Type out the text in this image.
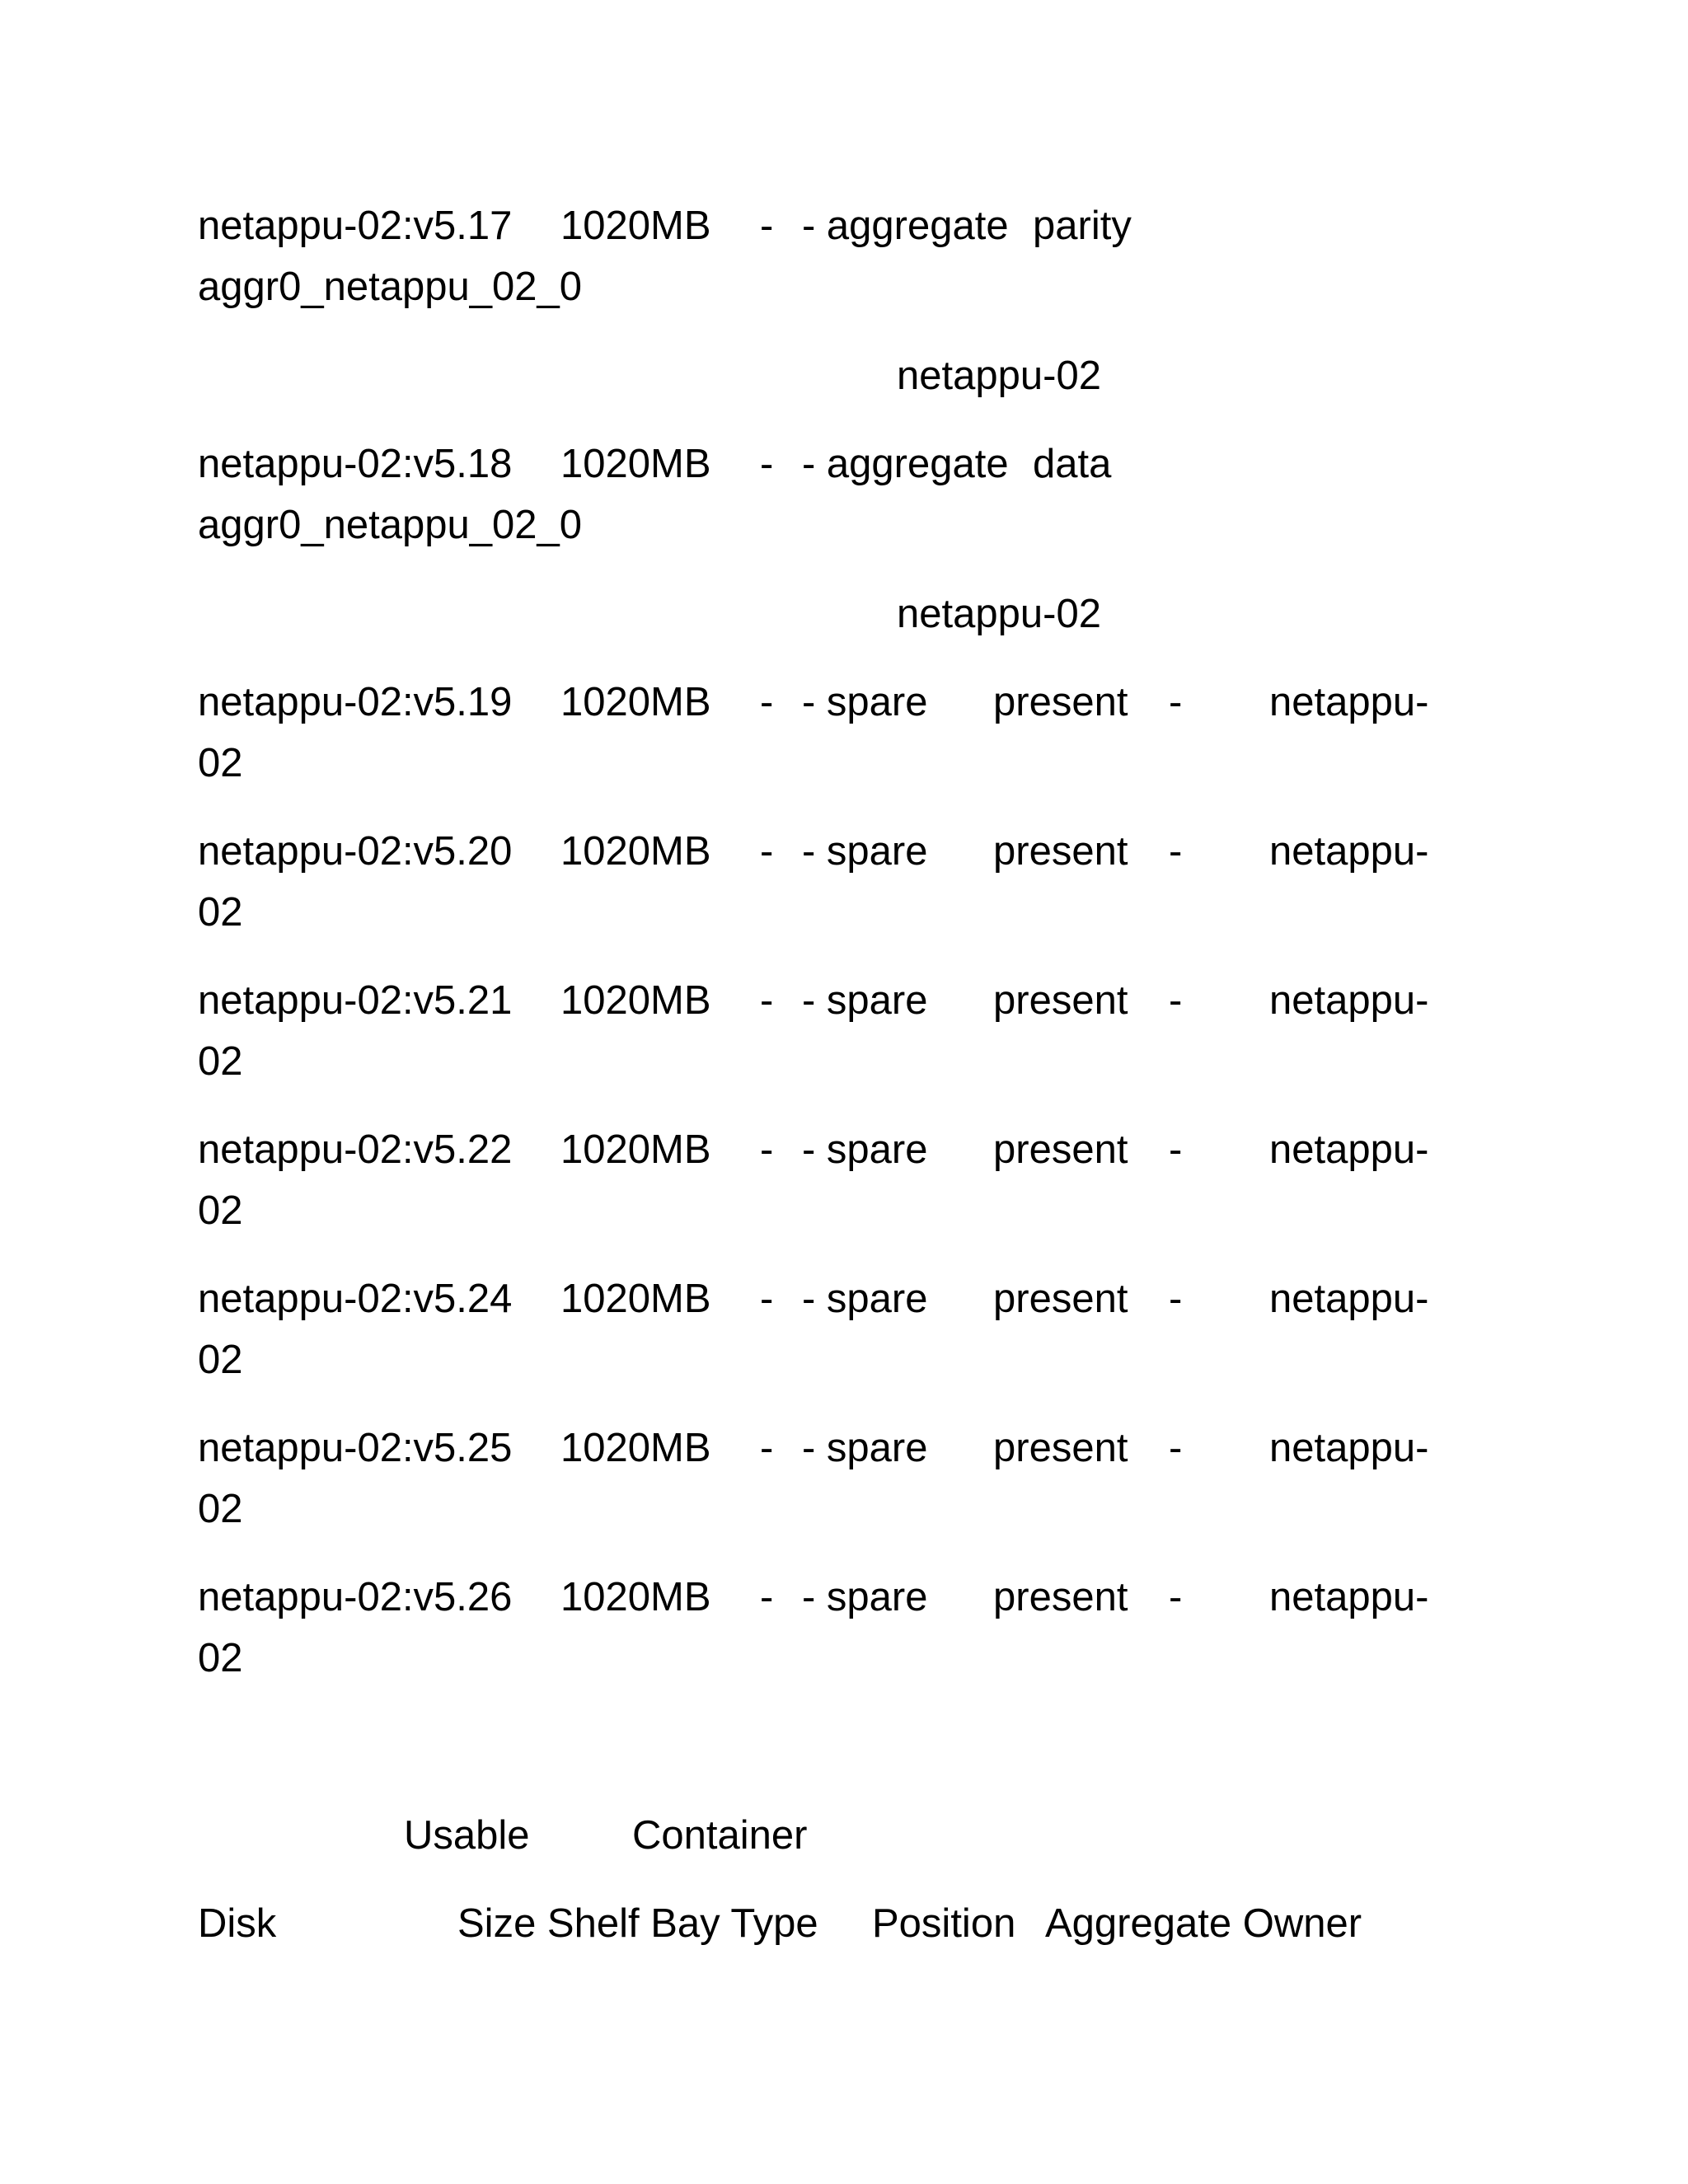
netappu-02:v5.17 1020MB - - aggregate parity
aggr0_netappu_02_0
netappu-02
netappu-02:v5.18 1020MB - - aggregate data
aggr0_netappu_02_0
netappu-02
netappu-02:v5.19 1020MB - - spare present - netappu-
02
netappu-02:v5.20 1020MB - - spare present - netappu-
02
netappu-02:v5.21 1020MB - - spare present - netappu-
02
netappu-02:v5.22 1020MB - - spare present - netappu-
02
netappu-02:v5.24 1020MB - - spare present - netappu-
02
netappu-02:v5.25 1020MB - - spare present - netappu-
02
netappu-02:v5.26 1020MB - - spare present - netappu-
02
Usable	Container
Disk	Size Shelf Bay Type Position Aggregate Owner
